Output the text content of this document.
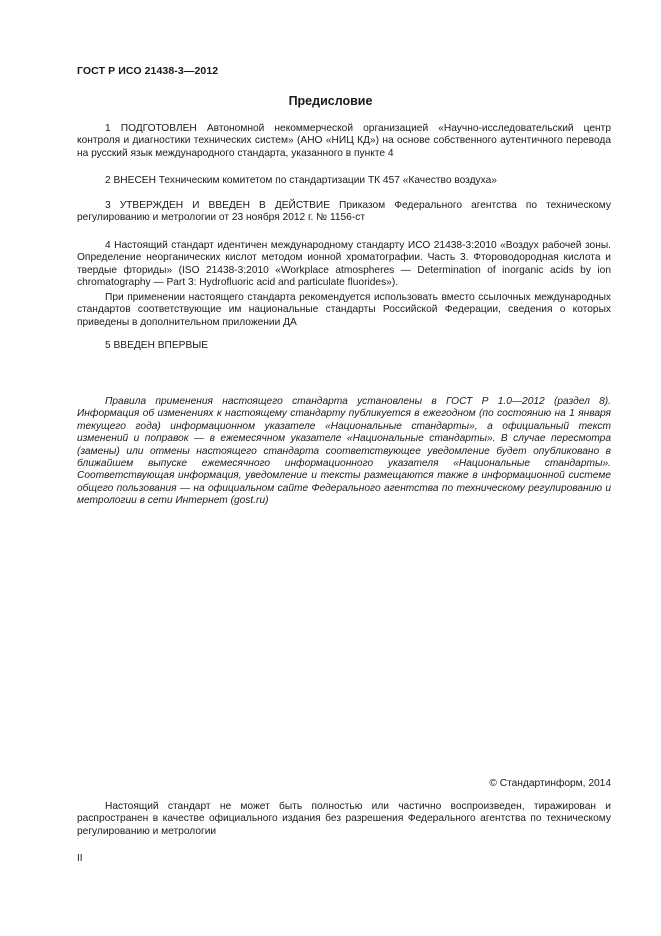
ГОСТ Р ИСО 21438-3—2012
Предисловие

1 ПОДГОТОВЛЕН Автономной некоммерческой организацией «Научно-исследовательский центр контроля и диагностики технических систем» (АНО «НИЦ КД») на основе собственного аутентичного перевода на русский язык международного стандарта, указанного в пункте 4

2 ВНЕСЕН Техническим комитетом по стандартизации ТК 457 «Качество воздуха»

3 УТВЕРЖДЕН И ВВЕДЕН В ДЕЙСТВИЕ Приказом Федерального агентства по техническому регулированию и метрологии от 23 ноября 2012 г. № 1156-ст

4 Настоящий стандарт идентичен международному стандарту ИСО 21438-3:2010 «Воздух рабочей зоны. Определение неорганических кислот методом ионной хроматографии. Часть 3. Фтороводородная кислота и твердые фториды» (ISO 21438-3:2010 «Workplace atmospheres — Determination of inorganic acids by ion chromatography — Part 3: Hydrofluoric acid and particulate fluorides»).

При применении настоящего стандарта рекомендуется использовать вместо ссылочных международных стандартов соответствующие им национальные стандарты Российской Федерации, сведения о которых приведены в дополнительном приложении ДА

5 ВВЕДЕН ВПЕРВЫЕ

Правила применения настоящего стандарта установлены в ГОСТ Р 1.0—2012 (раздел 8). Информация об изменениях к настоящему стандарту публикуется в ежегодном (по состоянию на 1 января текущего года) информационном указателе «Национальные стандарты», а официальный текст изменений и поправок — в ежемесячном указателе «Национальные стандарты». В случае пересмотра (замены) или отмены настоящего стандарта соответствующее уведомление будет опубликовано в ближайшем выпуске ежемесячного информационного указателя «Национальные стандарты». Соответствующая информация, уведомление и тексты размещаются также в информационной системе общего пользования — на официальном сайте Федерального агентства по техническому регулированию и метрологии в сети Интернет (gost.ru)

© Стандартинформ, 2014

Настоящий стандарт не может быть полностью или частично воспроизведен, тиражирован и распространен в качестве официального издания без разрешения Федерального агентства по техническому регулированию и метрологии

II
